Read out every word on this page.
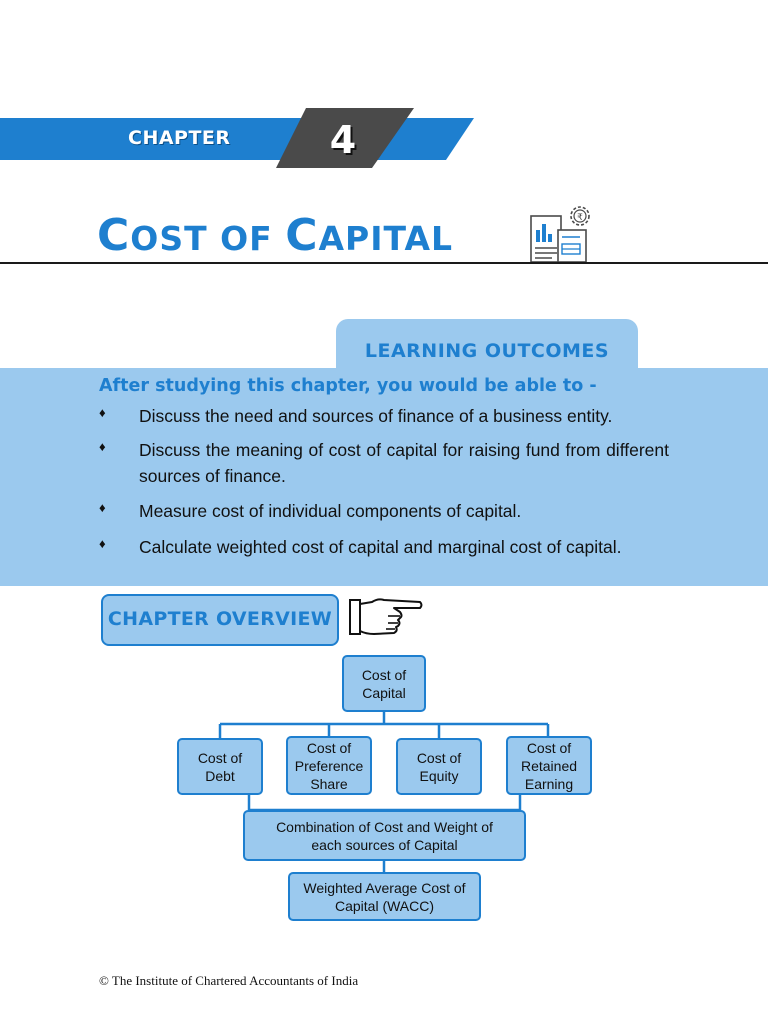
CHAPTER	4
COST OF CAPITAL
₹
LEARNING OUTCOMES
After studying this chapter, you would be able to -
♦ Discuss the need and sources of finance of a business entity.
♦ Discuss the meaning of cost of capital for raising fund from different sources of finance.
♦ Measure cost of individual components of capital.
♦ Calculate weighted cost of capital and marginal cost of capital.
CHAPTER OVERVIEW
Cost of Capital
Cost of Debt
Cost of Preference Share
Cost of Equity
Cost of Retained Earning
Combination of Cost and Weight of each sources of Capital
Weighted Average Cost of Capital (WACC)
© The Institute of Chartered Accountants of India
